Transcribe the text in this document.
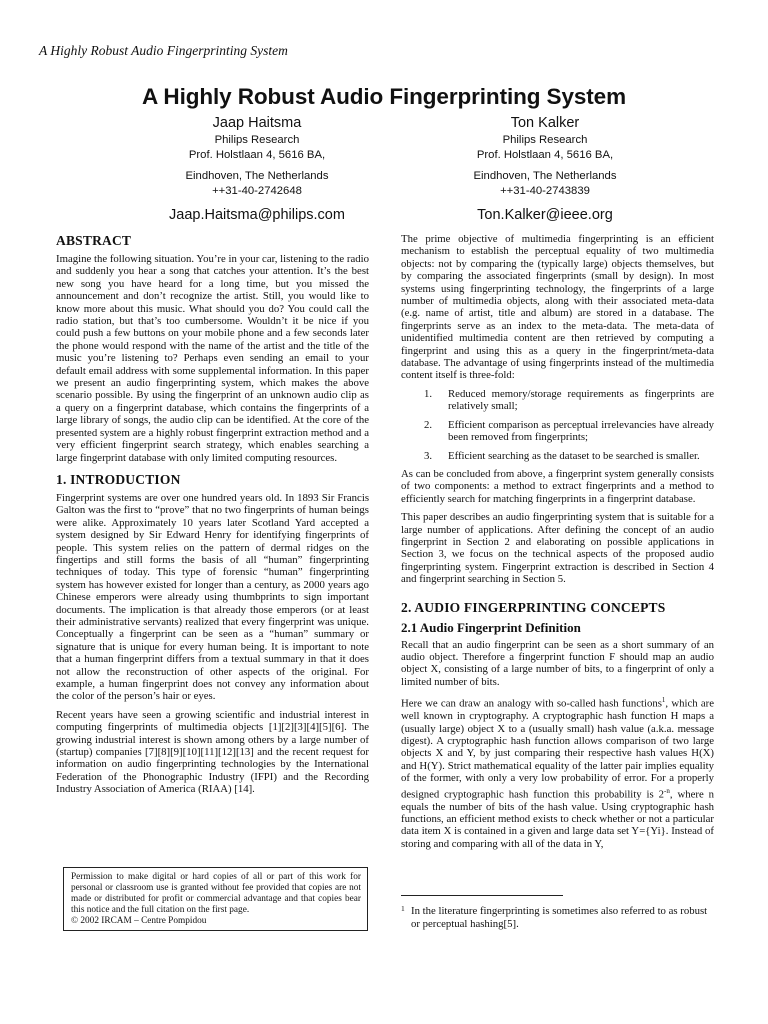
A Highly Robust Audio Fingerprinting System
A Highly Robust Audio Fingerprinting System
Jaap Haitsma
Philips Research
Prof. Holstlaan 4, 5616 BA,
Eindhoven, The Netherlands
++31-40-2742648
Jaap.Haitsma@philips.com
Ton Kalker
Philips Research
Prof. Holstlaan 4, 5616 BA,
Eindhoven, The Netherlands
++31-40-2743839
Ton.Kalker@ieee.org
ABSTRACT

Imagine the following situation. You’re in your car, listening to the radio and suddenly you hear a song that catches your attention. It’s the best new song you have heard for a long time, but you missed the announcement and don’t recognize the artist. Still, you would like to know more about this music. What should you do? You could call the radio station, but that’s too cumbersome. Wouldn’t it be nice if you could push a few buttons on your mobile phone and a few seconds later the phone would respond with the name of the artist and the title of the music you’re listening to? Perhaps even sending an email to your default email address with some supplemental information. In this paper we present an audio fingerprinting system, which makes the above scenario possible. By using the fingerprint of an unknown audio clip as a query on a fingerprint database, which contains the fingerprints of a large library of songs, the audio clip can be identified. At the core of the presented system are a highly robust fingerprint extraction method and a very efficient fingerprint search strategy, which enables searching a large fingerprint database with only limited computing resources.

1. INTRODUCTION

Fingerprint systems are over one hundred years old. In 1893 Sir Francis Galton was the first to “prove” that no two fingerprints of human beings were alike. Approximately 10 years later Scotland Yard accepted a system designed by Sir Edward Henry for identifying fingerprints of people. This system relies on the pattern of dermal ridges on the fingertips and still forms the basis of all “human” fingerprinting techniques of today. This type of forensic “human” fingerprinting system has however existed for longer than a century, as 2000 years ago Chinese emperors were already using thumbprints to sign important documents. The implication is that already those emperors (or at least their administrative servants) realized that every fingerprint was unique. Conceptually a fingerprint can be seen as a “human” summary or signature that is unique for every human being. It is important to note that a human fingerprint differs from a textual summary in that it does not allow the reconstruction of other aspects of the original. For example, a human fingerprint does not convey any information about the color of the person’s hair or eyes.

Recent years have seen a growing scientific and industrial interest in computing fingerprints of multimedia objects [1][2][3][4][5][6]. The growing industrial interest is shown among others by a large number of (startup) companies [7][8][9][10][11][12][13] and the recent request for information on audio fingerprinting technologies by the International Federation of the Phonographic Industry (IFPI) and the Recording Industry Association of America (RIAA) [14].

Permission to make digital or hard copies of all or part of this work for personal or classroom use is granted without fee provided that copies are not made or distributed for profit or commercial advantage and that copies bear this notice and the full citation on the first page.
© 2002 IRCAM – Centre Pompidou

The prime objective of multimedia fingerprinting is an efficient mechanism to establish the perceptual equality of two multimedia objects: not by comparing the (typically large) objects themselves, but by comparing the associated fingerprints (small by design). In most systems using fingerprinting technology, the fingerprints of a large number of multimedia objects, along with their associated meta-data (e.g. name of artist, title and album) are stored in a database. The fingerprints serve as an index to the meta-data. The meta-data of unidentified multimedia content are then retrieved by computing a fingerprint and using this as a query in the fingerprint/meta-data database. The advantage of using fingerprints instead of the multimedia content itself is three-fold:

1.	Reduced memory/storage requirements as fingerprints are relatively small;
2.	Efficient comparison as perceptual irrelevancies have already been removed from fingerprints;
3.	Efficient searching as the dataset to be searched is smaller.

As can be concluded from above, a fingerprint system generally consists of two components: a method to extract fingerprints and a method to efficiently search for matching fingerprints in a fingerprint database.

This paper describes an audio fingerprinting system that is suitable for a large number of applications. After defining the concept of an audio fingerprint in Section 2 and elaborating on possible applications in Section 3, we focus on the technical aspects of the proposed audio fingerprinting system. Fingerprint extraction is described in Section 4 and fingerprint searching in Section 5.

2. AUDIO FINGERPRINTING CONCEPTS
2.1 Audio Fingerprint Definition

Recall that an audio fingerprint can be seen as a short summary of an audio object. Therefore a fingerprint function F should map an audio object X, consisting of a large number of bits, to a fingerprint of only a limited number of bits.

Here we can draw an analogy with so-called hash functions$^1$, which are well known in cryptography. A cryptographic hash function H maps a (usually large) object X to a (usually small) hash value (a.k.a. message digest). A cryptographic hash function allows comparison of two large objects X and Y, by just comparing their respective hash values H(X) and H(Y). Strict mathematical equality of the latter pair implies equality of the former, with only a very low probability of error. For a properly designed cryptographic hash function this probability is $2^{-n}$, where n equals the number of bits of the hash value. Using cryptographic hash functions, an efficient method exists to check whether or not a particular data item X is contained in a given and large data set Y={Yi}. Instead of storing and comparing with all of the data in Y,

1 In the literature fingerprinting is sometimes also referred to as robust or perceptual hashing[5].
